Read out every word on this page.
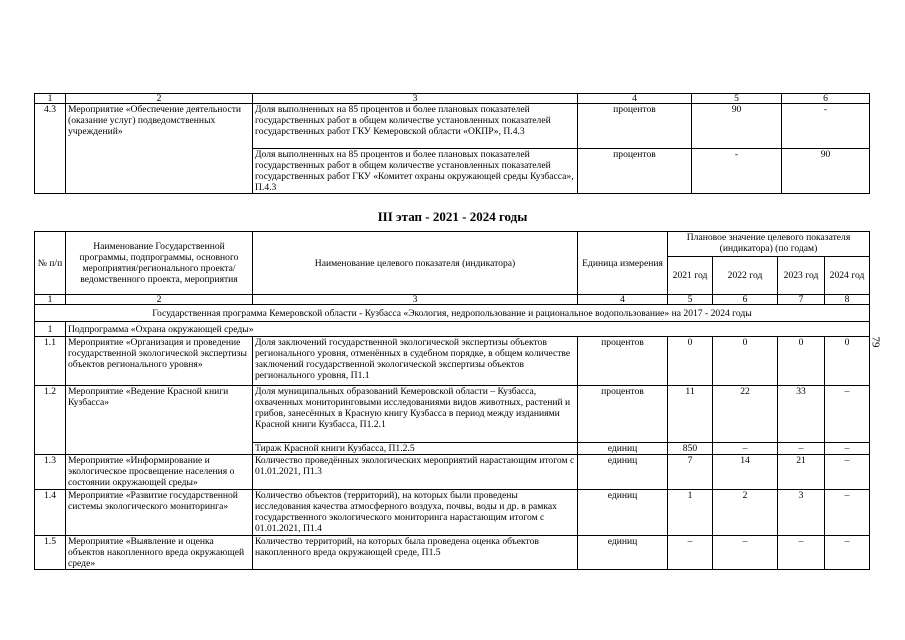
1	2	3	4	5	6
4.3	Мероприятие «Обеспечение деятельности (оказание услуг) подведомственных учреждений»	Доля выполненных на 85 процентов и более плановых показателей государственных работ в общем количестве установленных показателей государственных работ ГКУ Кемеровской области «ОКПР», П.4.3	процентов	90	-
		Доля выполненных на 85 процентов и более плановых показателей государственных работ в общем количестве установленных показателей государственных работ ГКУ «Комитет охраны окружающей среды Кузбасса», П.4.3	процентов	-	90
III этап - 2021 - 2024 годы
№ п/п	Наименование Государственной программы, подпрограммы, основного мероприятия/регионального проекта/ведомственного проекта, мероприятия	Наименование целевого показателя (индикатора)	Единица измерения	Плановое значение целевого показателя (индикатора) (по годам)			
				2021 год	2022 год	2023 год	2024 год
1	2	3	4	5	6	7	8
Государственная программа Кемеровской области - Кузбасса «Экология, недропользование и рациональное водопользование» на 2017 - 2024 годы							
1	Подпрограмма «Охрана окружающей среды»						
1.1	Мероприятие «Организация и проведение государственной экологической экспертизы объектов регионального уровня»	Доля заключений государственной экологической экспертизы объектов регионального уровня, отменённых в судебном порядке, в общем количестве заключений государственной экологической экспертизы объектов регионального уровня, П1.1	процентов	0	0	0	0
1.2	Мероприятие «Ведение Красной книги Кузбасса»	Доля муниципальных образований Кемеровской области – Кузбасса, охваченных мониторинговыми исследованиями видов животных, растений и грибов, занесённых в Красную книгу Кузбасса в период между изданиями Красной книги Кузбасса, П1.2.1	процентов	11	22	33	–
		Тираж Красной книги Кузбасса, П1.2.5	единиц	850	–	–	–
1.3	Мероприятие «Информирование и экологическое просвещение населения о состоянии окружающей среды»	Количество проведённых экологических мероприятий нарастающим итогом с 01.01.2021, П1.3	единиц	7	14	21	–
1.4	Мероприятие «Развитие государственной системы экологического мониторинга»	Количество объектов (территорий), на которых были проведены исследования качества атмосферного воздуха, почвы, воды и др. в рамках государственного экологического мониторинга нарастающим итогом с 01.01.2021, П1.4	единиц	1	2	3	–
1.5	Мероприятие «Выявление и оценка объектов накопленного вреда окружающей среде»	Количество территорий, на которых была проведена оценка объектов накопленного вреда окружающей среде, П1.5	единиц	–	–	–	–
79
